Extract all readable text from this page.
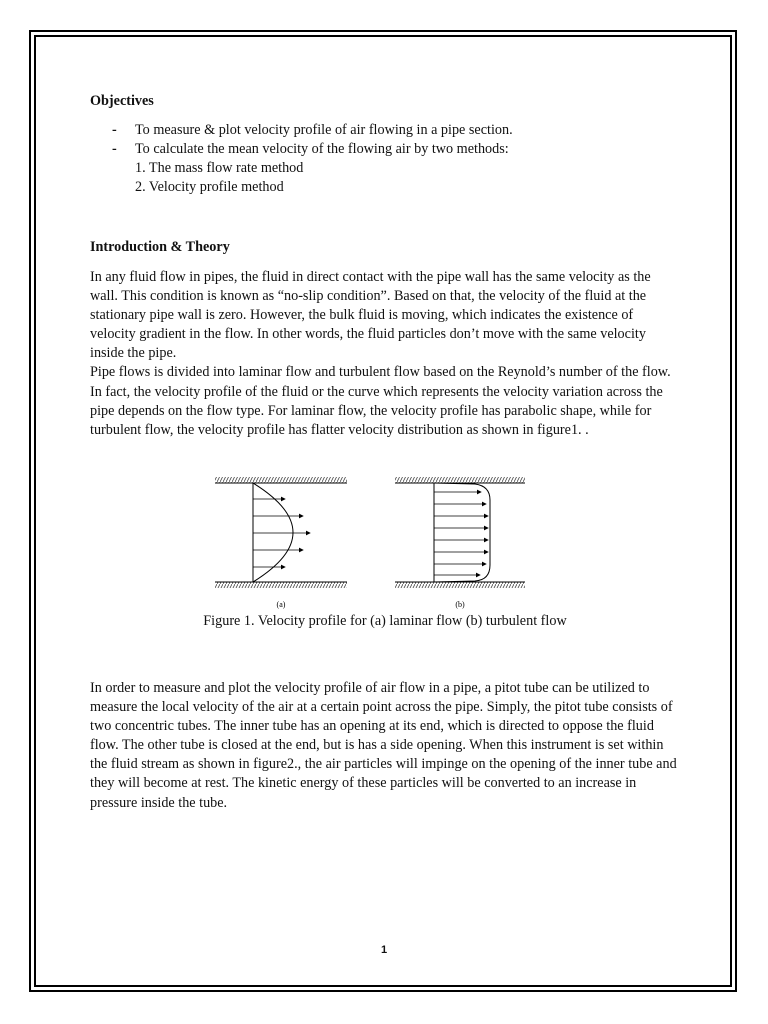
Objectives
- To measure & plot velocity profile of air flowing in a pipe section.
- To calculate the mean velocity of the flowing air by two methods:
1. The mass flow rate method
2. Velocity profile method
Introduction & Theory

In any fluid flow in pipes, the fluid in direct contact with the pipe wall has the same velocity as the wall. This condition is known as “no-slip condition”. Based on that, the velocity of the fluid at the stationary pipe wall is zero. However, the bulk fluid is moving, which indicates the existence of velocity gradient in the flow. In other words, the fluid particles don’t move with the same velocity inside the pipe.

Pipe flows is divided into laminar flow and turbulent flow based on the Reynold’s number of the flow. In fact, the velocity profile of the fluid or the curve which represents the velocity variation across the pipe depends on the flow type. For laminar flow, the velocity profile has parabolic shape, while for turbulent flow, the velocity profile has flatter velocity distribution as shown in figure1. .

(a)	(b)
Figure 1. Velocity profile for (a) laminar flow (b) turbulent flow

In order to measure and plot the velocity profile of air flow in a pipe, a pitot tube can be utilized to measure the local velocity of the air at a certain point across the pipe. Simply, the pitot tube consists of two concentric tubes. The inner tube has an opening at its end, which is directed to oppose the fluid flow. The other tube is closed at the end, but is has a side opening. When this instrument is set within the fluid stream as shown in figure2., the air particles will impinge on the opening of the inner tube and they will become at rest. The kinetic energy of these particles will be converted to an increase in pressure inside the tube.

1
